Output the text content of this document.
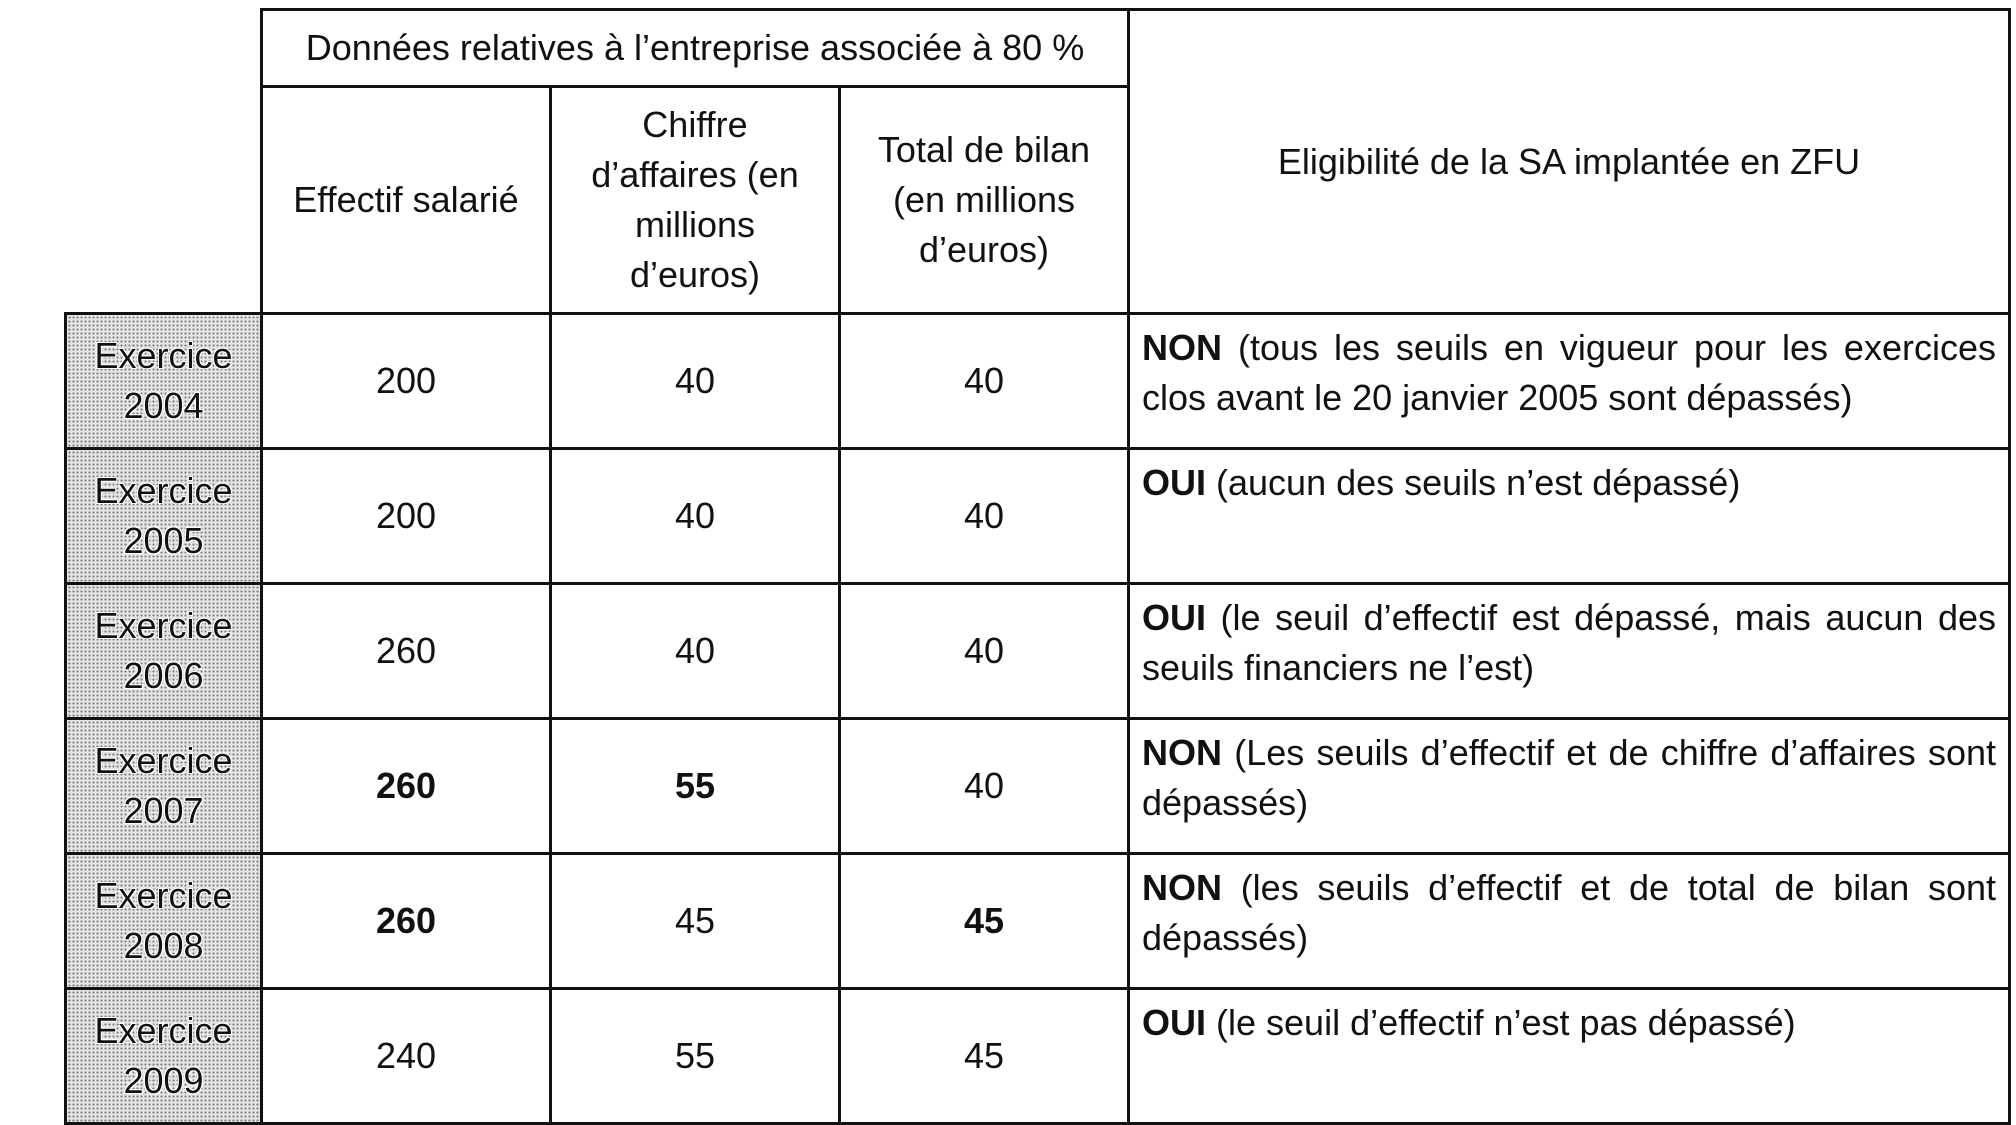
	Données relatives à l’entreprise associée à 80 %			Eligibilité de la SA implantée en ZFU
	Effectif salarié	Chiffre
d’affaires (en
millions
d’euros)	Total de bilan
(en millions
d’euros)	
Exercice
2004	200	40	40	NON (tous les seuils en vigueur pour les exercices clos avant le 20 janvier 2005 sont dépassés)
Exercice
2005	200	40	40	OUI (aucun des seuils n’est dépassé)
Exercice
2006	260	40	40	OUI (le seuil d’effectif est dépassé, mais aucun des seuils financiers ne l’est)
Exercice
2007	260	55	40	NON (Les seuils d’effectif et de chiffre d’affaires sont dépassés)
Exercice
2008	260	45	45	NON (les seuils d’effectif et de total de bilan sont dépassés)
Exercice
2009	240	55	45	OUI (le seuil d’effectif n’est pas dépassé)
